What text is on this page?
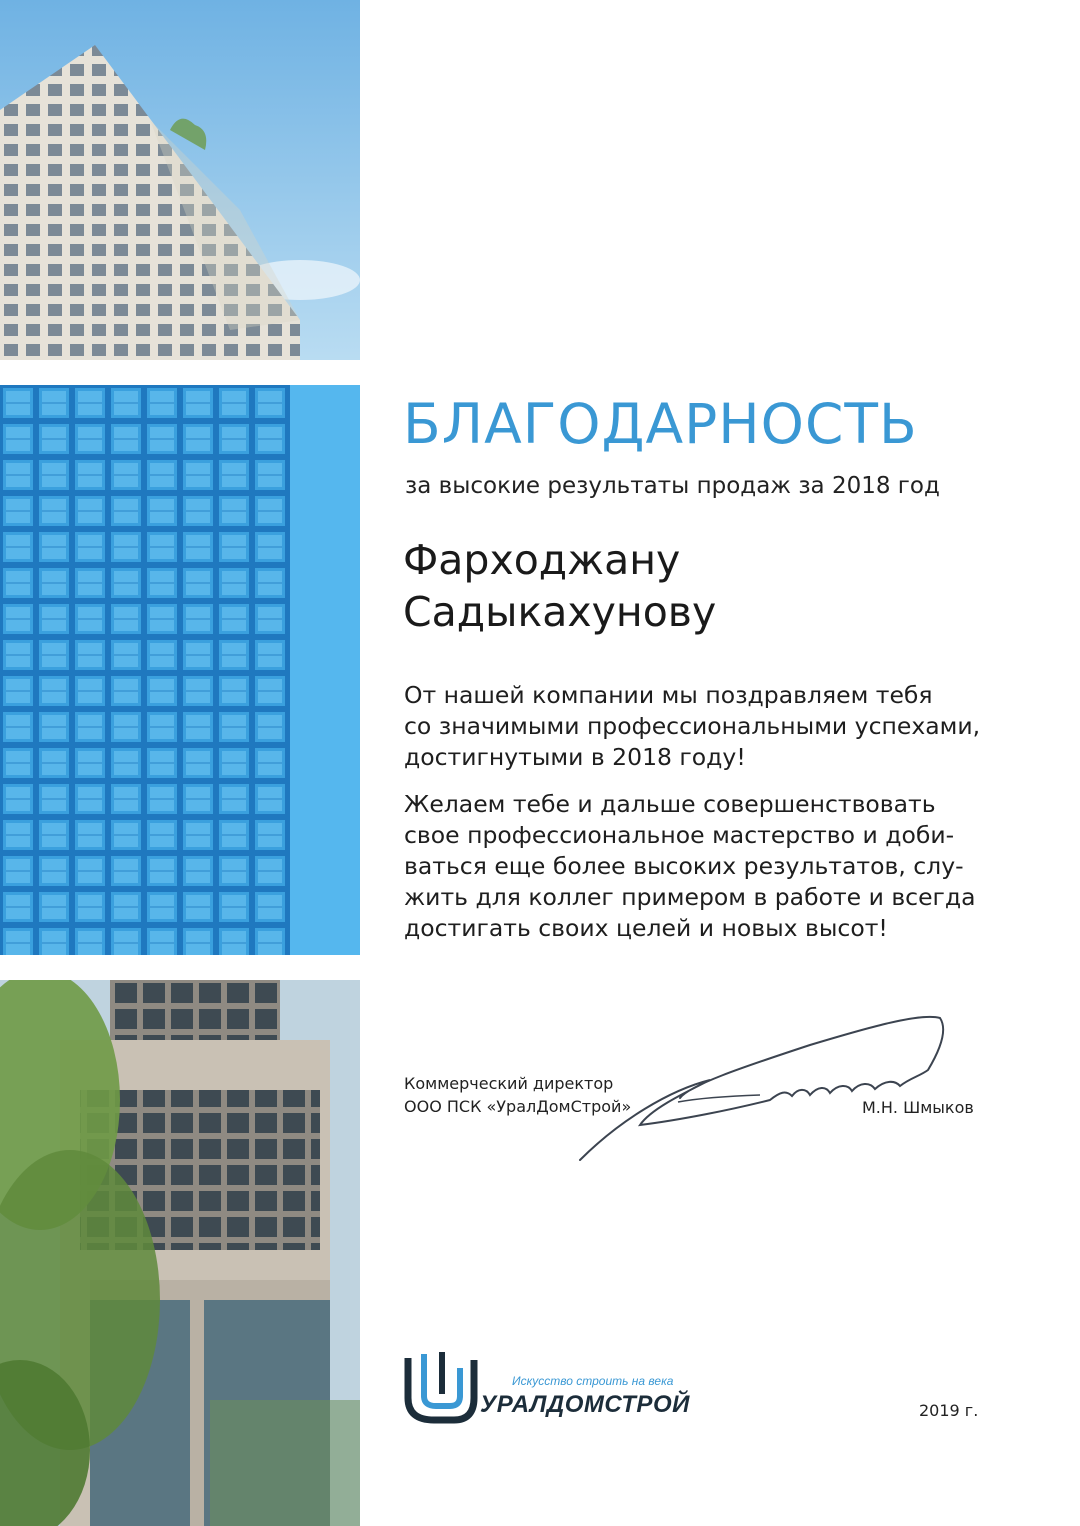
БЛАГОДАРНОСТЬ
за высокие результаты продаж за 2018 год
Фарходжану
Садыкахунову
От нашей компании мы поздравляем тебя
со значимыми профессиональными успехами,
достигнутыми в 2018 году!
Желаем тебе и дальше совершенствовать
свое профессиональное мастерство и доби-
ваться еще более высоких результатов, слу-
жить для коллег примером в работе и всегда
достигать своих целей и новых высот!
Коммерческий директор
ООО ПСК «УралДомСтрой»	М.Н. Шмыков
Искусство строить на века
УРАЛДОМСТРОЙ	2019 г.
